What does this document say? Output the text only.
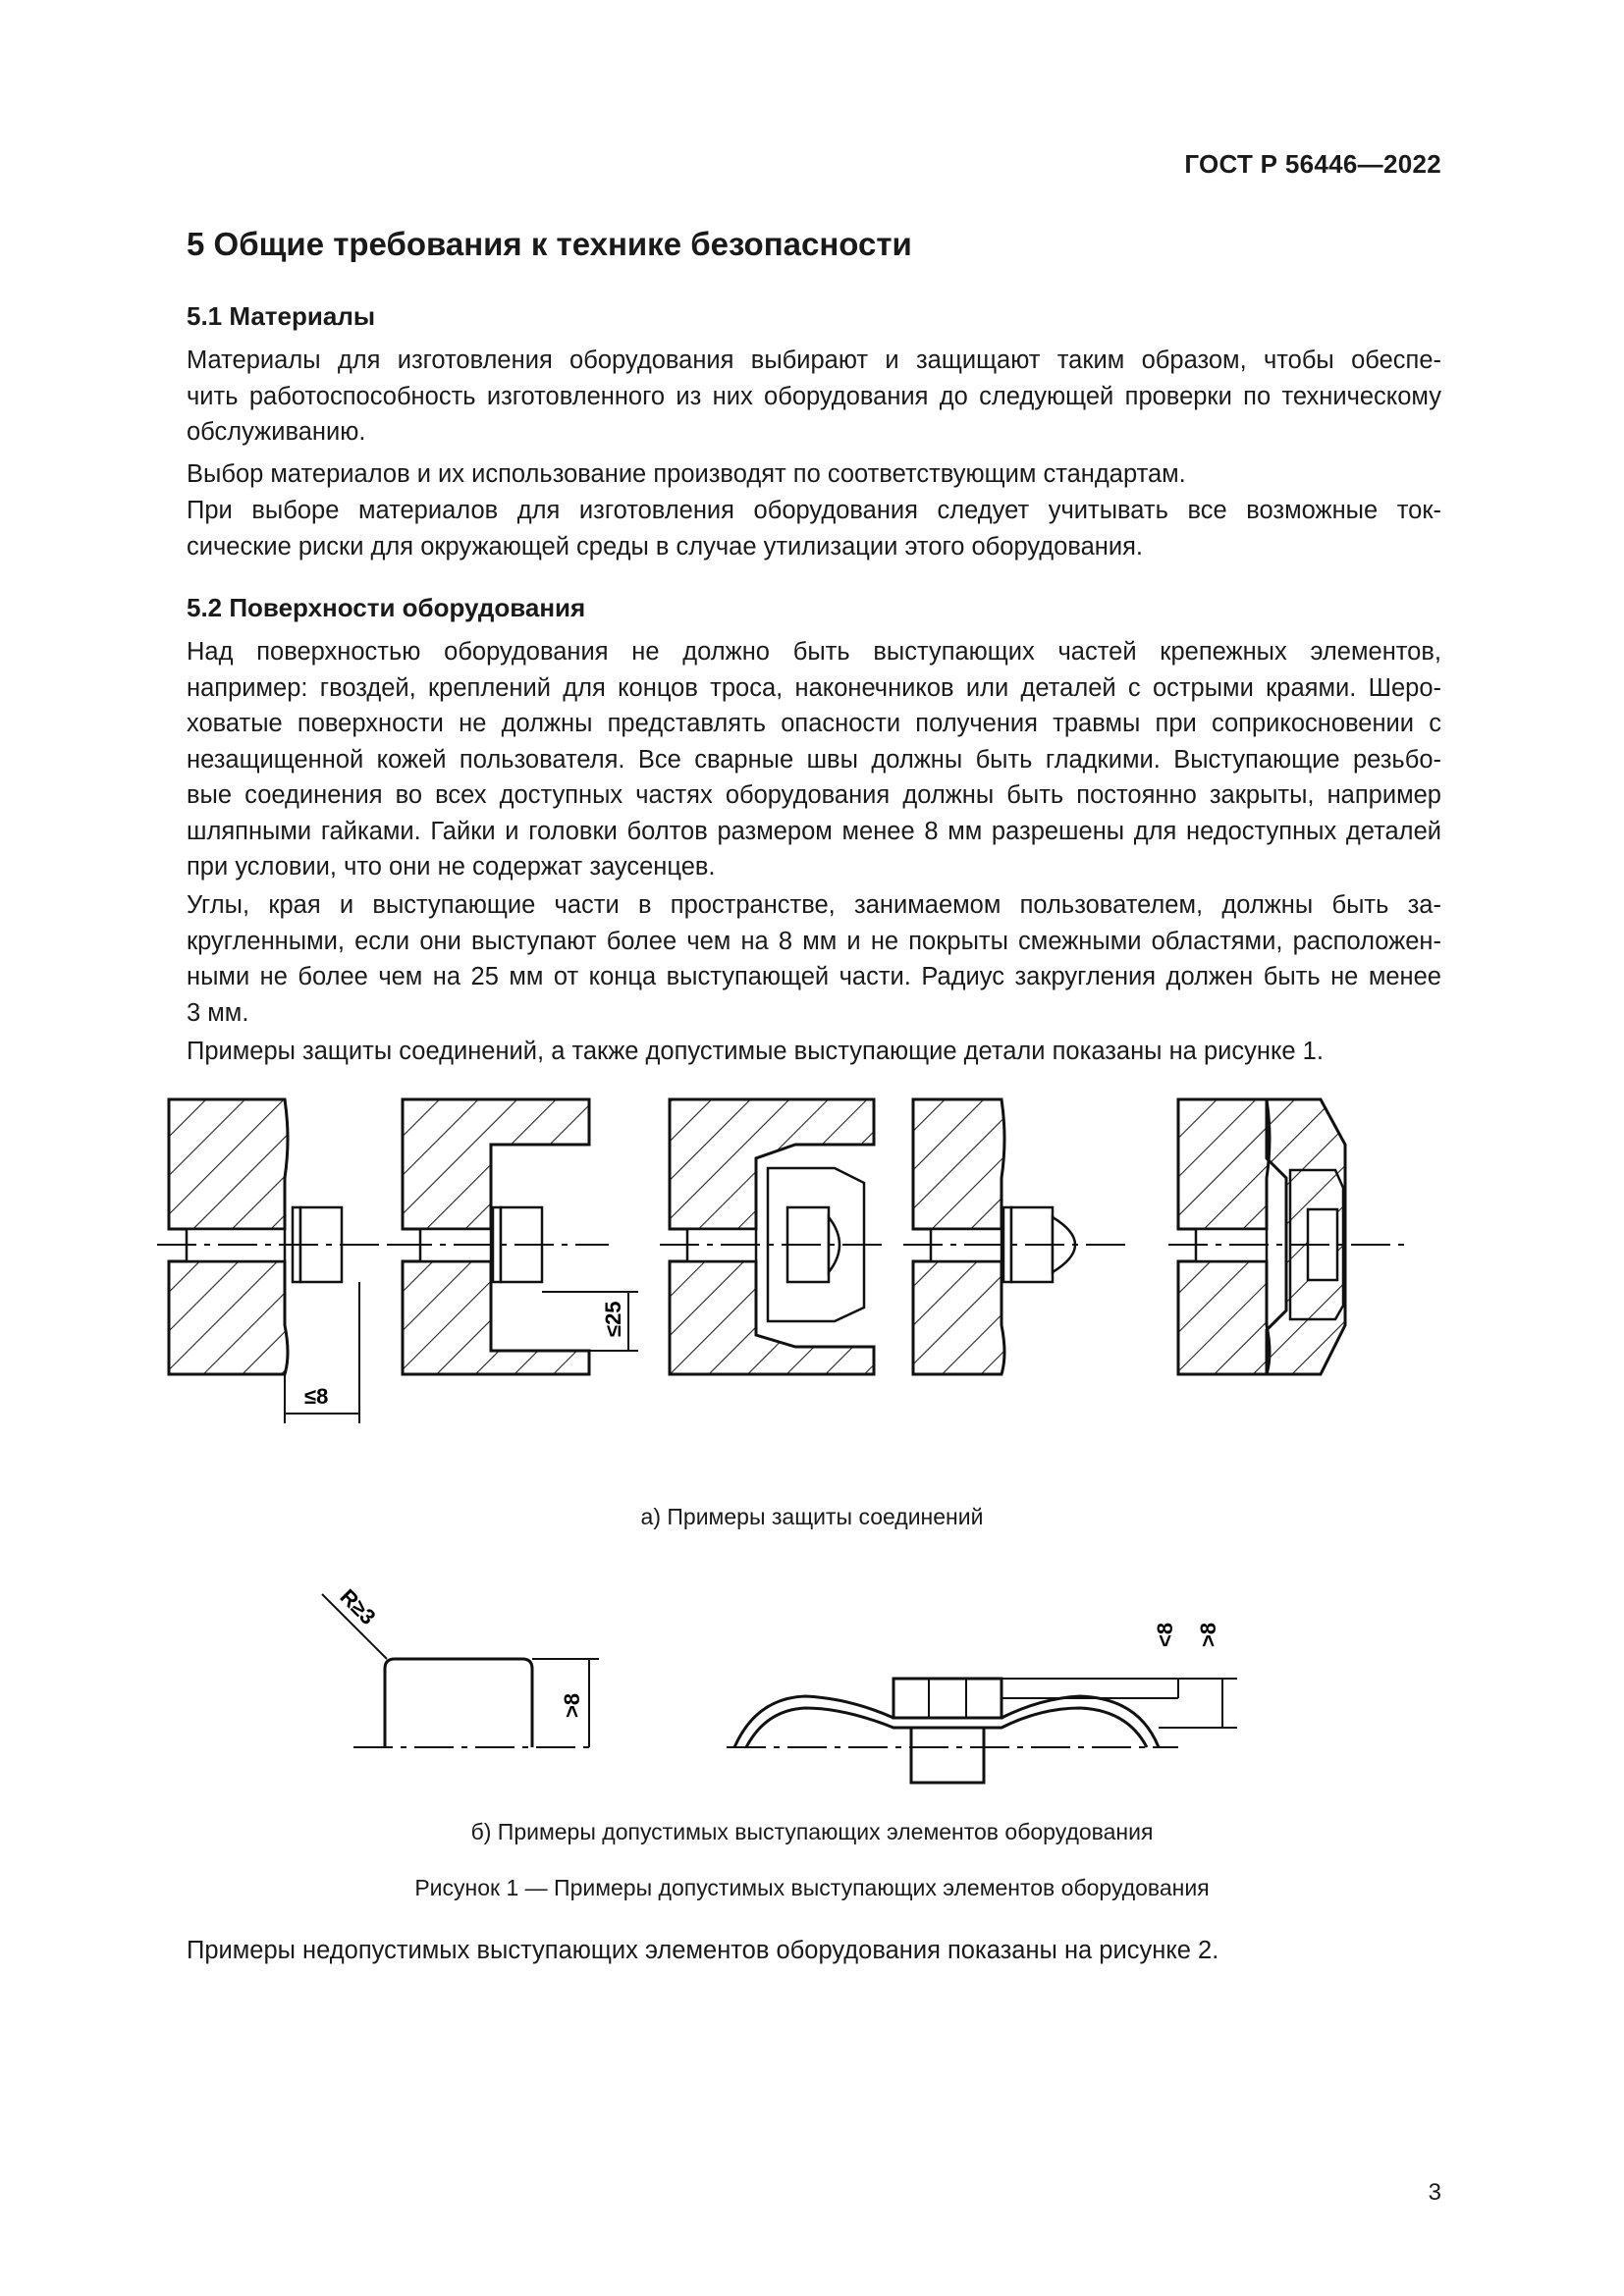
ГОСТ Р 56446—2022
5 Общие требования к технике безопасности
5.1 Материалы
Материалы для изготовления оборудования выбирают и защищают таким образом, чтобы обеспе-
чить работоспособность изготовленного из них оборудования до следующей проверки по техническому
обслуживанию.
Выбор материалов и их использование производят по соответствующим стандартам.
При выборе материалов для изготовления оборудования следует учитывать все возможные ток-
сические риски для окружающей среды в случае утилизации этого оборудования.
5.2 Поверхности оборудования
Над поверхностью оборудования не должно быть выступающих частей крепежных элементов,
например: гвоздей, креплений для концов троса, наконечников или деталей с острыми краями. Шеро-
ховатые поверхности не должны представлять опасности получения травмы при соприкосновении с
незащищенной кожей пользователя. Все сварные швы должны быть гладкими. Выступающие резьбо-
вые соединения во всех доступных частях оборудования должны быть постоянно закрыты, например
шляпными гайками. Гайки и головки болтов размером менее 8 мм разрешены для недоступных деталей
при условии, что они не содержат заусенцев.
Углы, края и выступающие части в пространстве, занимаемом пользователем, должны быть за-
кругленными, если они выступают более чем на 8 мм и не покрыты смежными областями, расположен-
ными не более чем на 25 мм от конца выступающей части. Радиус закругления должен быть не менее
3 мм.
Примеры защиты соединений, а также допустимые выступающие детали показаны на рисунке 1.
≤8
≤25
а) Примеры защиты соединений
R≥3
>8
<8 >8
б) Примеры допустимых выступающих элементов оборудования
Рисунок 1 — Примеры допустимых выступающих элементов оборудования
Примеры недопустимых выступающих элементов оборудования показаны на рисунке 2.
3
